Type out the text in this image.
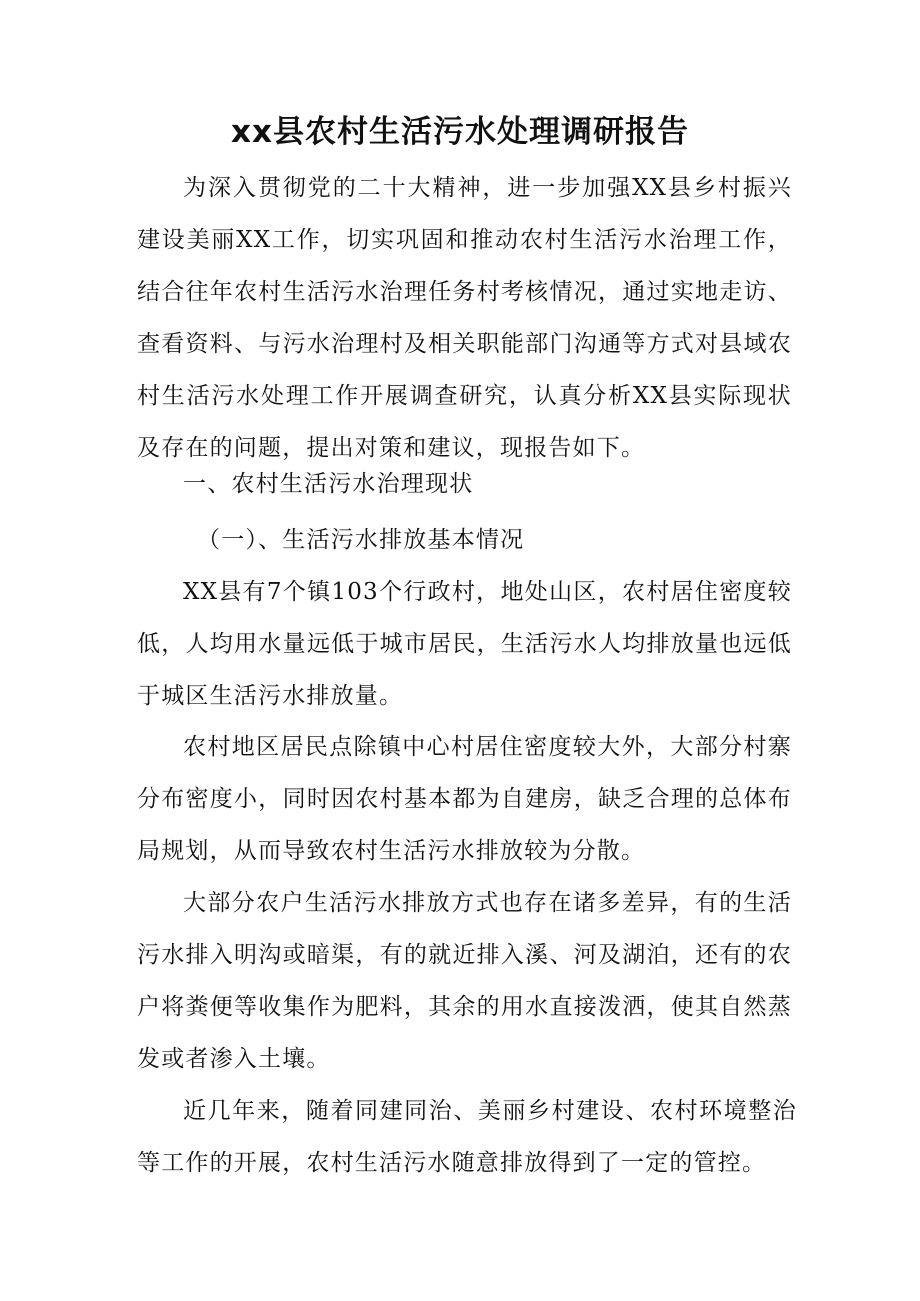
xx县农村生活污水处理调研报告

为深入贯彻党的二十大精神，进一步加强XX县乡村振兴建设美丽XX工作，切实巩固和推动农村生活污水治理工作，结合往年农村生活污水治理任务村考核情况，通过实地走访、查看资料、与污水治理村及相关职能部门沟通等方式对县域农村生活污水处理工作开展调查研究，认真分析XX县实际现状及存在的问题，提出对策和建议，现报告如下。

一、农村生活污水治理现状

（一）、生活污水排放基本情况

XX县有7个镇103个行政村，地处山区，农村居住密度较低，人均用水量远低于城市居民，生活污水人均排放量也远低于城区生活污水排放量。

农村地区居民点除镇中心村居住密度较大外，大部分村寨分布密度小，同时因农村基本都为自建房，缺乏合理的总体布局规划，从而导致农村生活污水排放较为分散。

大部分农户生活污水排放方式也存在诸多差异，有的生活污水排入明沟或暗渠，有的就近排入溪、河及湖泊，还有的农户将粪便等收集作为肥料，其余的用水直接泼洒，使其自然蒸发或者渗入土壤。

近几年来，随着同建同治、美丽乡村建设、农村环境整治等工作的开展，农村生活污水随意排放得到了一定的管控。
